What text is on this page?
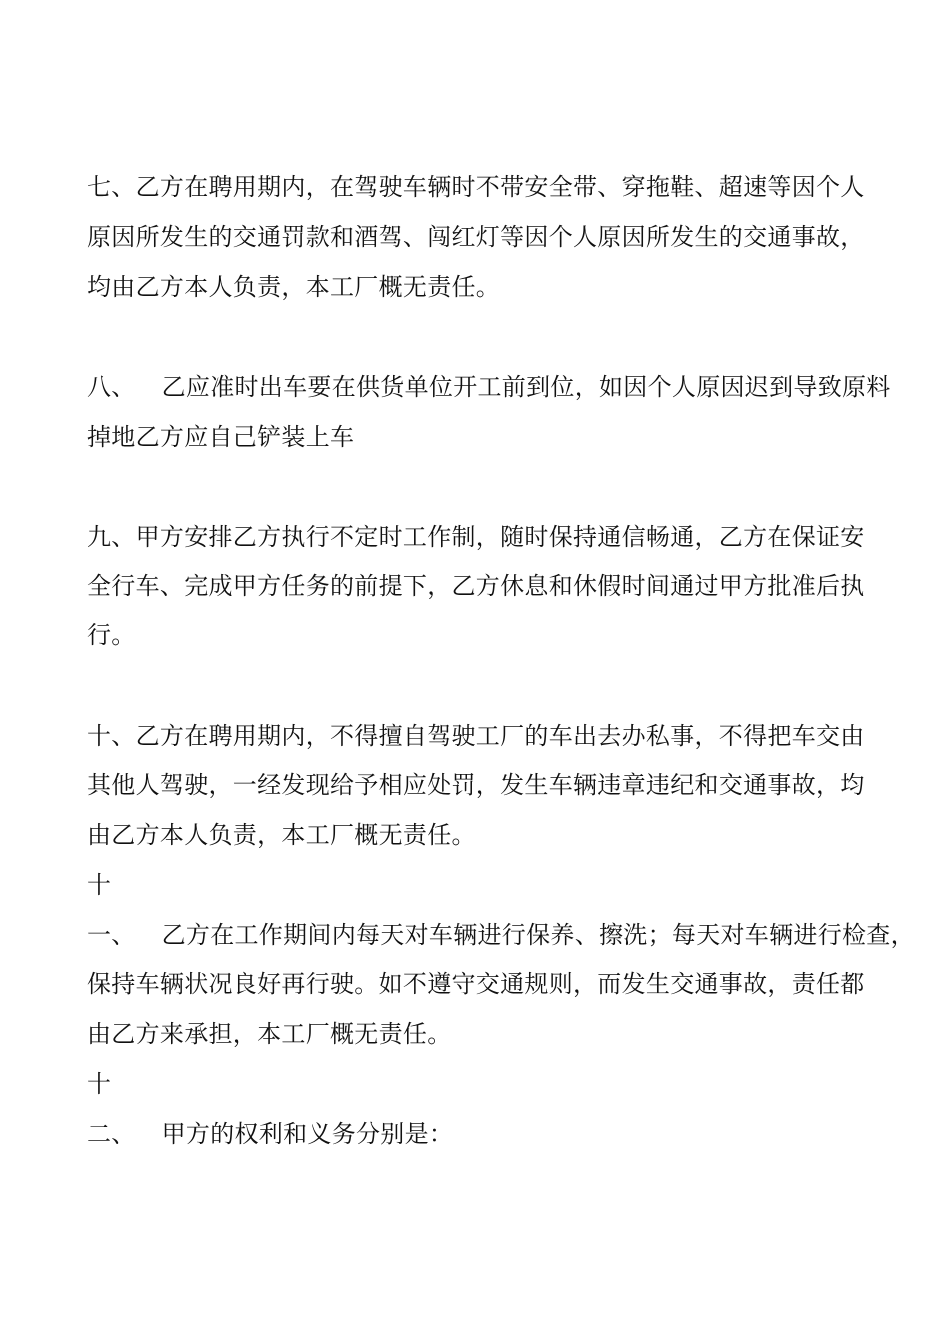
七、乙方在聘用期内，在驾驶车辆时不带安全带、穿拖鞋、超速等因个人
原因所发生的交通罚款和酒驾、闯红灯等因个人原因所发生的交通事故，
均由乙方本人负责，本工厂概无责任。
八、 乙应准时出车要在供货单位开工前到位，如因个人原因迟到导致原料
掉地乙方应自己铲装上车
九、甲方安排乙方执行不定时工作制，随时保持通信畅通，乙方在保证安
全行车、完成甲方任务的前提下，乙方休息和休假时间通过甲方批准后执
行。
十、乙方在聘用期内，不得擅自驾驶工厂的车出去办私事，不得把车交由
其他人驾驶，一经发现给予相应处罚，发生车辆违章违纪和交通事故，均
由乙方本人负责，本工厂概无责任。
十
一、 乙方在工作期间内每天对车辆进行保养、擦洗；每天对车辆进行检查，
保持车辆状况良好再行驶。如不遵守交通规则，而发生交通事故，责任都
由乙方来承担，本工厂概无责任。
十
二、 甲方的权利和义务分别是：
